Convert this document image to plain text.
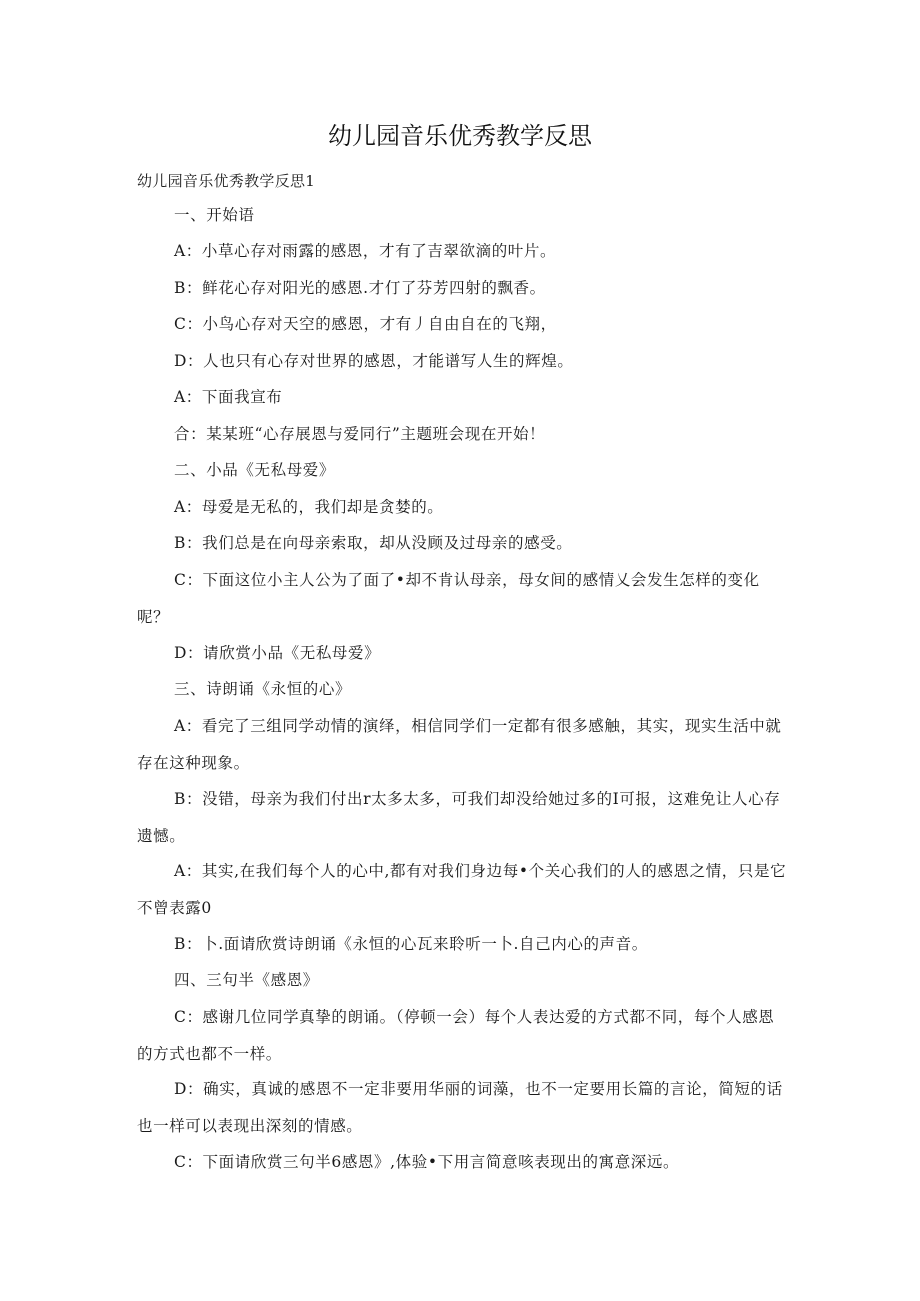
幼儿园音乐优秀教学反思
幼儿园音乐优秀教学反思1
一、开始语
A：小草心存对雨露的感恩，才有了吉翠欲滴的叶片。
B：鲜花心存对阳光的感恩.才仃了芬芳四射的飘香。
C：小鸟心存对天空的感恩，才有丿自由自在的飞翔，
D：人也只有心存对世界的感恩，才能谱写人生的辉煌。
A：下面我宣布
合：某某班“心存展恩与爱同行”主题班会现在开始！
二、小品《无私母爱》
A：母爱是无私的，我们却是贪婪的。
B：我们总是在向母亲索取，却从没顾及过母亲的感受。
C：下面这位小主人公为了面了•却不肯认母亲，母女间的感情乂会发生怎样的变化呢？
D：请欣赏小品《无私母爱》
三、诗朗诵《永恒的心》
A：看完了三组同学动情的演绎，相信同学们一定都有很多感触，其实，现实生活中就存在这种现象。
B：没错，母亲为我们付出r太多太多，可我们却没给她过多的I可报，这难免让人心存遗憾。
A：其实,在我们每个人的心中,都有对我们身边每•个关心我们的人的感恩之情，只是它不曾表露0
B：卜.面请欣赏诗朗诵《永恒的心瓦来聆听一卜.自己内心的声音。
四、三句半《感恩》
C：感谢几位同学真挚的朗诵。（停顿一会）每个人表达爱的方式都不同，每个人感恩的方式也都不一样。
D：确实，真诚的感恩不一定非要用华丽的词藻，也不一定要用长篇的言论，简短的话也一样可以表现出深刻的情感。
C：下面请欣赏三句半6感恩》,体验•下用言简意咳表现出的寓意深远。
